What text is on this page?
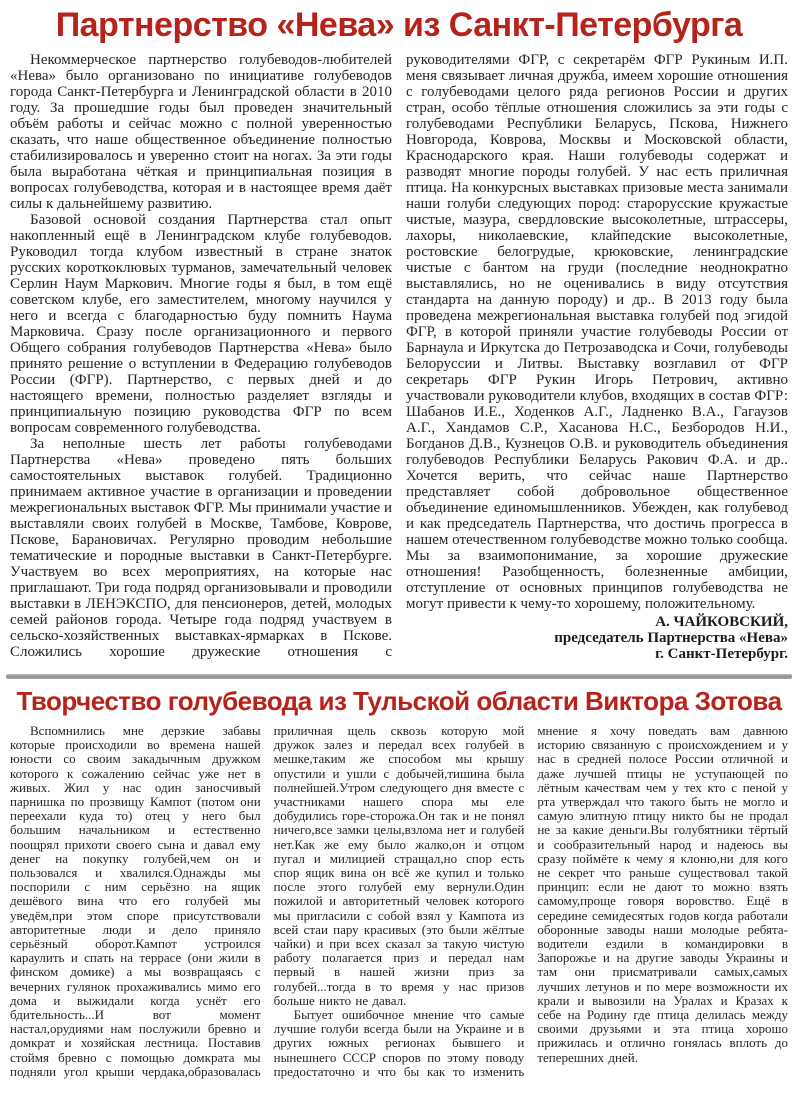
Партнерство «Нева» из Санкт-Петербурга

Некоммерческое партнерство голубеводов-любителей «Нева» было организовано по инициативе голубеводов города Санкт-Петербурга и Ленинградской области в 2010 году. За прошедшие годы был проведен значительный объём работы и сейчас можно с полной уверенностью сказать, что наше общественное объединение полностью стабилизировалось и уверенно стоит на ногах. За эти годы была выработана чёткая и принципиальная позиция в вопросах голубеводства, которая и в настоящее время даёт силы к дальнейшему развитию.

Базовой основой создания Партнерства стал опыт накопленный ещё в Ленинградском клубе голубеводов. Руководил тогда клубом известный в стране знаток русских короткоклювых турманов, замечательный человек Серлин Наум Маркович. Многие годы я был, в том ещё советском клубе, его заместителем, многому научился у него и всегда с благодарностью буду помнить Наума Марковича. Сразу после организационного и первого Общего собрания голубеводов Партнерства «Нева» было принято решение о вступлении в Федерацию голубеводов России (ФГР). Партнерство, с первых дней и до настоящего времени, полностью разделяет взгляды и принципиальную позицию руководства ФГР по всем вопросам современного голубеводства.

За неполные шесть лет работы голубеводами Партнерства «Нева» проведено пять больших самостоятельных выставок голубей. Традиционно принимаем активное участие в организации и проведении межрегиональных выставок ФГР. Мы принимали участие и выставляли своих голубей в Москве, Тамбове, Коврове, Пскове, Барановичах. Регулярно проводим небольшие тематические и породные выставки в Санкт-Петербурге. Участвуем во всех мероприятиях, на которые нас приглашают. Три года подряд организовывали и проводили выставки в ЛЕНЭКСПО, для пенсионеров, детей, молодых семей районов города. Четыре года подряд участвуем в сельско-хозяйственных выставках-ярмарках в Пскове. Сложились хорошие дружеские отношения с руководителями ФГР, с секретарём ФГР Рукиным И.П. меня связывает личная дружба, имеем хорошие отношения с голубеводами целого ряда регионов России и других стран, особо тёплые отношения сложились за эти годы с голубеводами Республики Беларусь, Пскова, Нижнего Новгорода, Коврова, Москвы и Московской области, Краснодарского края. Наши голубеводы содержат и разводят многие породы голубей. У нас есть приличная птица. На конкурсных выставках призовые места занимали наши голуби следующих пород: старорусские кружастые чистые, мазура, свердловские высоколетные, штрассеры, лахоры, николаевские, клайпедские высоколетные, ростовские белогрудые, крюковские, ленинградские чистые с бантом на груди (последние неоднократно выставлялись, но не оценивались в виду отсутствия стандарта на данную породу) и др.. В 2013 году была проведена межрегиональная выставка голубей под эгидой ФГР, в которой приняли участие голубеводы России от Барнаула и Иркутска до Петрозаводска и Сочи, голубеводы Белоруссии и Литвы. Выставку возглавил от ФГР секретарь ФГР Рукин Игорь Петрович, активно участвовали руководители клубов, входящих в состав ФГР: Шабанов И.Е., Ходенков А.Г., Ладненко В.А., Гагаузов А.Г., Хандамов С.Р., Хасанова Н.С., Безбородов Н.И., Богданов Д.В., Кузнецов О.В. и руководитель объединения голубеводов Республики Беларусь Ракович Ф.А. и др.. Хочется верить, что сейчас наше Партнерство представляет собой добровольное общественное объединение единомышленников. Убежден, как голубевод и как председатель Партнерства, что достичь прогресса в нашем отечественном голубеводстве можно только сообща. Мы за взаимопонимание, за хорошие дружеские отношения! Разобщенность, болезненные амбиции, отступление от основных принципов голубеводства не могут привести к чему-то хорошему, положительному.

А. ЧАЙКОВСКИЙ,
председатель Партнерства «Нева»
г. Санкт-Петербург.
Творчество голубевода из Тульской области Виктора Зотова

Вспомнились мне дерзкие забавы которые происходили во времена нашей юности со своим закадычным дружком которого к сожалению сейчас уже нет в живых. Жил у нас один заносчивый парнишка по прозвищу Кампот (потом они переехали куда то) отец у него был большим начальником и естественно поощрял прихоти своего сына и давал ему денег на покупку голубей,чем он и пользовался и хвалился.Однажды мы поспорили с ним серьёзно на ящик дешёвого вина что его голубей мы уведём,при этом споре присутствовали авторитетные люди и дело приняло серьёзный оборот.Кампот устроился караулить и спать на террасе (они жили в финском домике) а мы возвращаясь с вечерних гулянок прохаживались мимо его дома и выжидали когда уснёт его бдительность...И вот момент настал,орудиями нам послужили бревно и домкрат и хозяйская лестница. Поставив стоймя бревно с помощью домкрата мы подняли угол крыши чердака,образовалась приличная щель сквозь которую мой дружок залез и передал всех голубей в мешке,таким же способом мы крышу опустили и ушли с добычей,тишина была полнейшей.Утром следующего дня вместе с участниками нашего спора мы еле добудились горе-сторожа.Он так и не понял ничего,все замки целы,взлома нет и голубей нет.Как же ему было жалко,он и отцом пугал и милицией стращал,но спор есть спор ящик вина он всё же купил и только после этого голубей ему вернули.Один пожилой и авторитетный человек которого мы пригласили с собой взял у Кампота из всей стаи пару красивых (это были жёлтые чайки) и при всех сказал за такую чистую работу полагается приз и передал нам первый в нашей жизни приз за голубей...тогда в то время у нас призов больше никто не давал.

Бытует ошибочное мнение что самые лучшие голуби всегда были на Украине и в других южных регионах бывшего и нынешнего СССР споров по этому поводу предостаточно и что бы как то изменить мнение я хочу поведать вам давнюю историю связанную с происхождением и у нас в средней полосе России отличной и даже лучшей птицы не уступающей по лётным качествам чем у тех кто с пеной у рта утверждал что такого быть не могло и самую элитную птицу никто бы не продал не за какие деньги.Вы голубятники тёртый и сообразительный народ и надеюсь вы сразу поймёте к чему я клоню,ни для кого не секрет что раньше существовал такой принцип: если не дают то можно взять самому,проще говоря воровство. Ещё в середине семидесятых годов когда работали оборонные заводы наши молодые ребята-водители ездили в командировки в Запорожье и на другие заводы Украины и там они присматривали самых,самых лучших летунов и по мере возможности их крали и вывозили на Уралах и Кразах к себе на Родину где птица делилась между своими друзьями и эта птица хорошо прижилась и отлично гонялась вплоть до теперешних дней.
